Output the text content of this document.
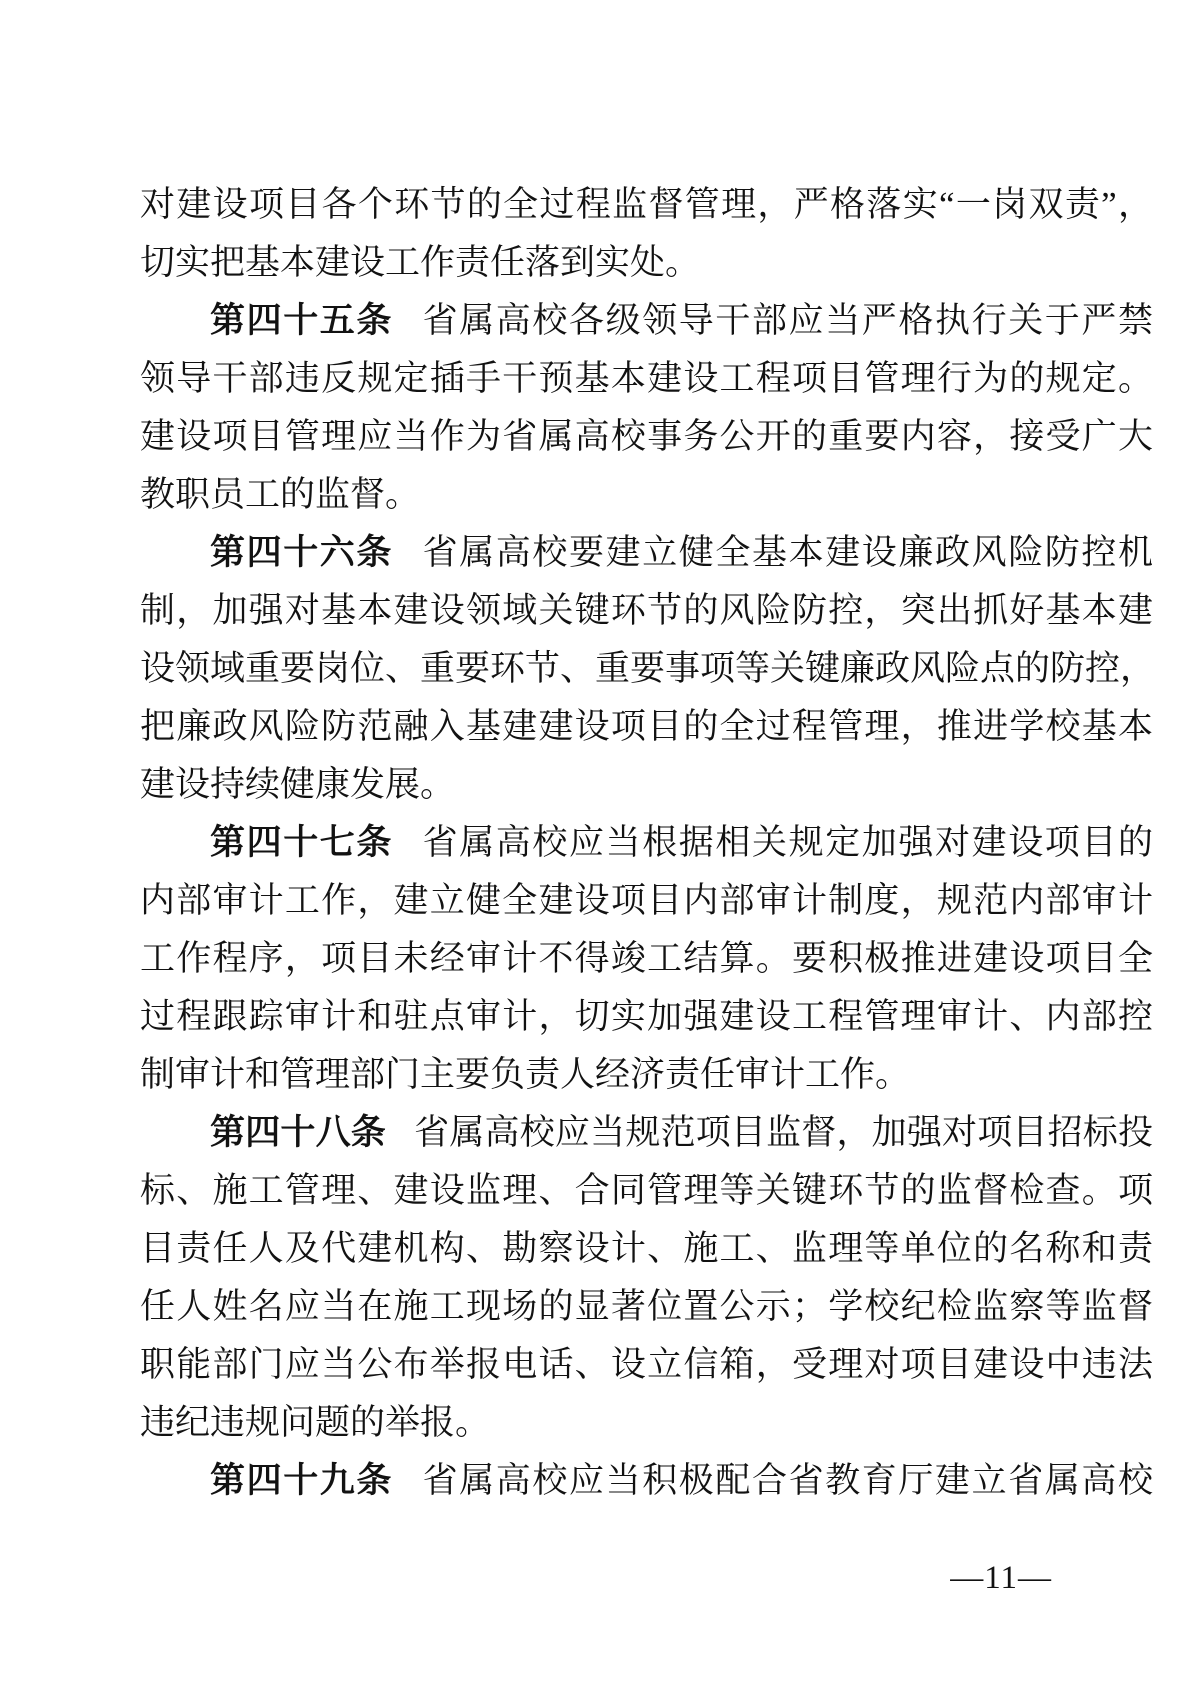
对建设项目各个环节的全过程监督管理，严格落实“一岗双责”，
切实把基本建设工作责任落到实处。
第四十五条 省属高校各级领导干部应当严格执行关于严禁
领导干部违反规定插手干预基本建设工程项目管理行为的规定。
建设项目管理应当作为省属高校事务公开的重要内容，接受广大
教职员工的监督。
第四十六条 省属高校要建立健全基本建设廉政风险防控机
制，加强对基本建设领域关键环节的风险防控，突出抓好基本建
设领域重要岗位、重要环节、重要事项等关键廉政风险点的防控，
把廉政风险防范融入基建建设项目的全过程管理，推进学校基本
建设持续健康发展。
第四十七条 省属高校应当根据相关规定加强对建设项目的
内部审计工作，建立健全建设项目内部审计制度，规范内部审计
工作程序，项目未经审计不得竣工结算。要积极推进建设项目全
过程跟踪审计和驻点审计，切实加强建设工程管理审计、内部控
制审计和管理部门主要负责人经济责任审计工作。
第四十八条 省属高校应当规范项目监督，加强对项目招标投
标、施工管理、建设监理、合同管理等关键环节的监督检查。项
目责任人及代建机构、勘察设计、施工、监理等单位的名称和责
任人姓名应当在施工现场的显著位置公示；学校纪检监察等监督
职能部门应当公布举报电话、设立信箱，受理对项目建设中违法
违纪违规问题的举报。
第四十九条 省属高校应当积极配合省教育厅建立省属高校
—11—
